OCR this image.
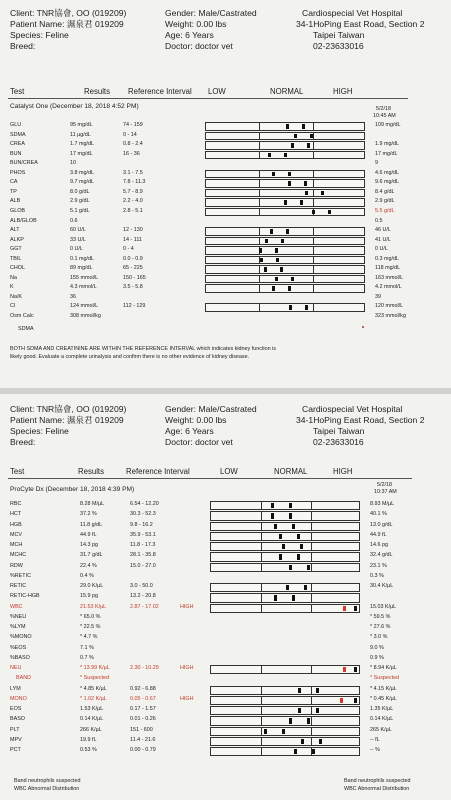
Client: TNR協會, OO (019209)
Patient Name: 濕泉君 019209
Species: Feline
Breed:
Gender: Male/Castrated
Weight: 0.00 lbs
Age: 6 Years
Doctor: doctor vet
Cardiospecial Vet Hospital
34-1HoPing East Road, Section 2
Taipei Taiwan
02-23633016
Test	Results Reference Interval LOW	NORMAL	HIGH
Catalyst One (December 18, 2018 4:52 PM)	5/2/18
10:45 AM
GLU	95 mg/dL	74 - 159	109 mg/dL
SDMA	11 µg/dL	0 - 14
CREA	1.7 mg/dL	0.8 - 2.4	1.9 mg/dL
BUN	17 mg/dL	16 - 36	17 mg/dL
BUN/CREA	10	9
PHOS	3.8 mg/dL	3.1 - 7.5	4.6 mg/dL
CA	9.7 mg/dL	7.8 - 11.3	9.6 mg/dL
TP	8.0 g/dL	5.7 - 8.9	8.4 g/dL
ALB	2.9 g/dL	2.2 - 4.0	2.9 g/dL
GLOB	5.1 g/dL	2.8 - 5.1	5.5 g/dL
ALB/GLOB	0.6	0.5
ALT	60 U/L	12 - 130	46 U/L
ALKP	33 U/L	14 - 111	41 U/L
GGT	0 U/L	0 - 4	0 U/L
TBIL	0.1 mg/dL	0.0 - 0.9	0.3 mg/dL
CHOL	89 mg/dL	65 - 225	118 mg/dL
Na	155 mmol/L	150 - 165	163 mmol/L
K	4.3 mmol/L	3.5 - 5.8	4.2 mmol/L
Na/K	36	39
Cl	124 mmol/L	112 - 129	120 mmol/L
Osm Calc	308 mmol/kg	323 mmol/kg
SDMA
BOTH SDMA AND CREATININE ARE WITHIN THE REFERENCE INTERVAL which indicates kidney function is
likely good. Evaluate a complete urinalysis and confirm there is no other evidence of kidney disease.
Client: TNR協會, OO (019209)
Patient Name: 濕泉君 019209
Species: Feline
Breed:
Gender: Male/Castrated
Weight: 0.00 lbs
Age: 6 Years
Doctor: doctor vet
Cardiospecial Vet Hospital
34-1HoPing East Road, Section 2
Taipei Taiwan
02-23633016
Test	Results	Reference Interval	LOW	NORMAL	HIGH
ProCyte Dx (December 18, 2018 4:39 PM)
5/2/18
10:37 AM
RBC	8.28 M/µL	6.54 - 12.20	8.93 M/µL
HCT	37.2 %	30.3 - 52.3	40.1 %
HGB	11.8 g/dL	9.8 - 16.2	13.0 g/dL
MCV	44.9 fL	35.9 - 53.1	44.9 fL
MCH	14.3 pg	11.8 - 17.3	14.6 pg
MCHC	31.7 g/dL	28.1 - 35.8	32.4 g/dL
RDW	22.4 %	15.0 - 27.0	23.1 %
%RETIC	0.4 %	0.3 %
RETIC	29.0 K/µL	3.0 - 50.0	30.4 K/µL
RETIC-HGB	15.9 pg	13.2 - 20.8
WBC	21.53 K/µL	2.87 - 17.02	HIGH	15.03 K/µL
%NEU	* 65.0 %	* 59.5 %
%LYM	* 22.5 %	* 27.6 %
%MONO	* 4.7 %	* 3.0 %
%EOS	7.1 %	9.0 %
%BASO	0.7 %	0.9 %
NEU	* 13.99 K/µL	2.30 - 10.29	HIGH	* 8.94 K/µL
BAND	* Suspected	* Suspected
LYM	* 4.85 K/µL	0.92 - 6.88	* 4.15 K/µL
MONO	* 1.02 K/µL	0.05 - 0.67	HIGH	* 0.45 K/µL
EOS	1.53 K/µL	0.17 - 1.57	1.35 K/µL
BASO	0.14 K/µL	0.01 - 0.26	0.14 K/µL
PLT	266 K/µL	151 - 600	265 K/µL
MPV	19.9 fL	11.4 - 21.6	-- fL
PCT	0.53 %	0.00 - 0.79	-- %
Band neutrophils suspected
WBC Abnormal Distribution
Band neutrophils suspected
WBC Abnormal Distribution
